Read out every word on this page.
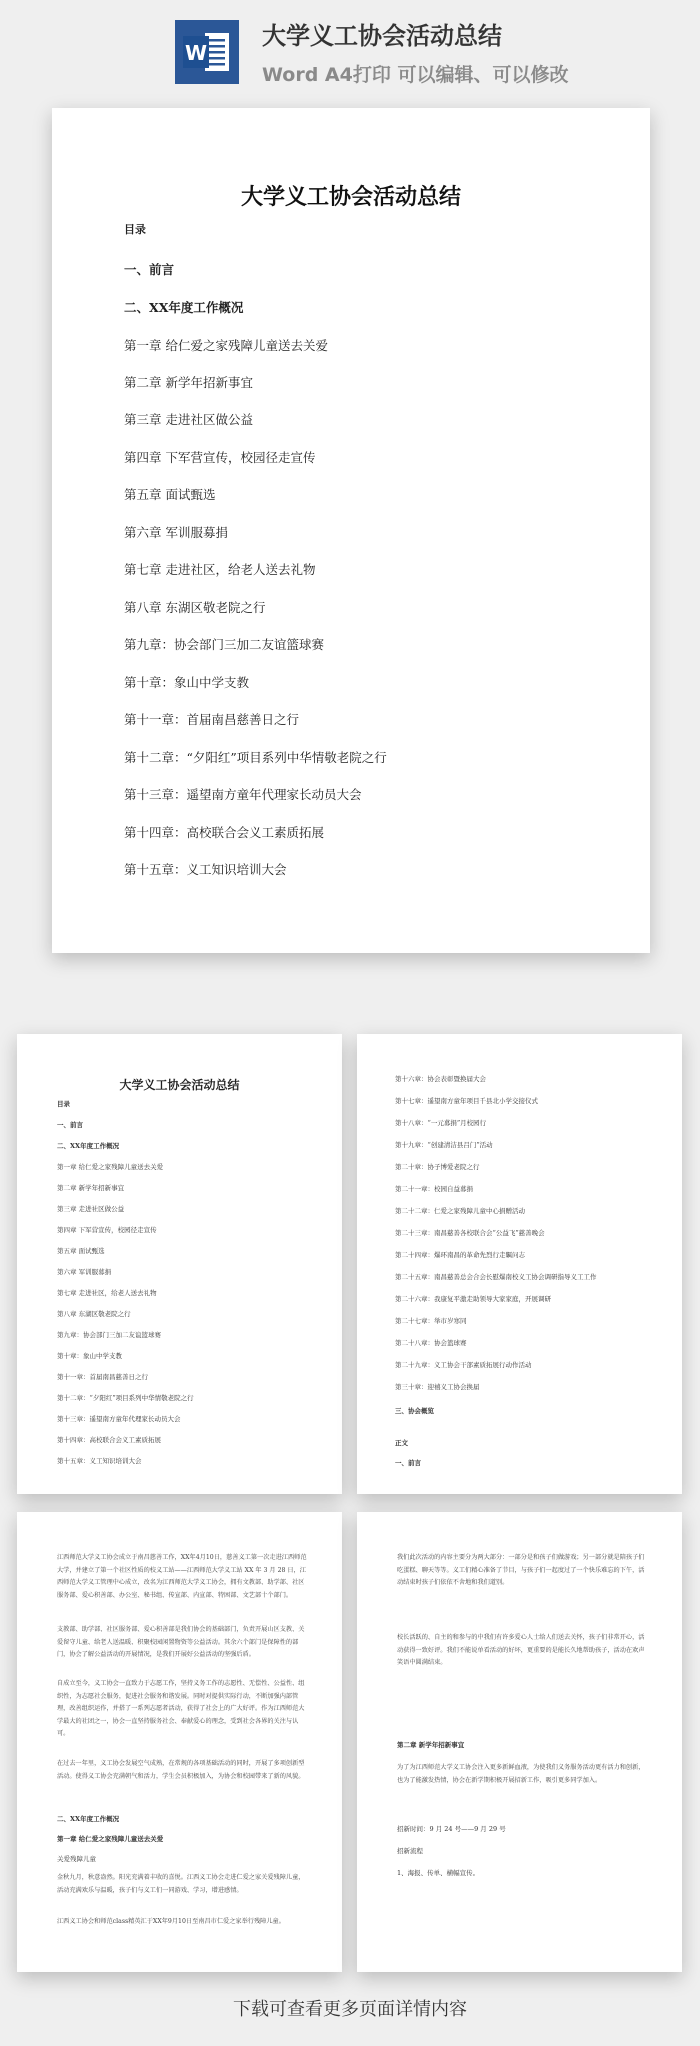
W
大学义工协会活动总结
Word A4打印 可以编辑、可以修改
大学义工协会活动总结
目录
一、前言
二、XX年度工作概况
第一章 给仁爱之家残障儿童送去关爱
第二章 新学年招新事宜
第三章 走进社区做公益
第四章 下军营宣传，校园径走宣传
第五章 面试甄选
第六章 军训服募捐
第七章 走进社区，给老人送去礼物
第八章 东湖区敬老院之行
第九章：协会部门三加二友谊篮球赛
第十章：象山中学支教
第十一章：首届南昌慈善日之行
第十二章：“夕阳红”项目系列中华情敬老院之行
第十三章：遥望南方童年代理家长动员大会
第十四章：高校联合会义工素质拓展
第十五章：义工知识培训大会
大学义工协会活动总结
目录
一、前言
二、XX年度工作概况
第一章 给仁爱之家残障儿童送去关爱
第二章 新学年招新事宜
第三章 走进社区做公益
第四章 下军营宣传，校园径走宣传
第五章 面试甄选
第六章 军训服募捐
第七章 走进社区，给老人送去礼物
第八章 东湖区敬老院之行
第九章：协会部门三加二友谊篮球赛
第十章：象山中学支教
第十一章：首届南昌慈善日之行
第十二章：“夕阳红”项目系列中华情敬老院之行
第十三章：遥望南方童年代理家长动员大会
第十四章：高校联合会义工素质拓展
第十五章：义工知识培训大会
第十六章：协会表彰暨换届大会
第十七章：遥望南方童年项目千县北小学交接仪式
第十八章：“一元募捐”月校园行
第十九章：“创建清洁县吕门”活动
第二十章：协子博爱老院之行
第二十一章：校园自益募捐
第二十二章：仁爱之家残障儿童中心捐赠活动
第二十三章：南昌慈善各校联合会“公益飞”慈善晚会
第二十四章：爆环南昌的革命先烈行走瞩问志
第二十五章：南昌慈善总会合会长慰爆南校义工协会调研指导义工工作
第二十六章：我康复平激走助领导大家家庭，开展调研
第二十七章：举市岁寒同
第二十八章：协会篮球赛
第二十九章：义工协会干部素质拓展行动作活动
第三十章：迎禧义工协会换届
三、协会概览
正文
一、前言
江西师范大学义工协会成立于南昌慈善工作，XX年4月10日，慈善义工第一次走进江西师范大学，并建立了第一个社区性质的校义工站——江西师范大学义工站 XX 年 3 月 28 日，江西师范大学义工管理中心成立，改名为江西师范大学义工协会，拥有文教部、助学部、社区服务部、爱心积善部、办公室、秘书组、传宣部、内宣部、特困部、文艺部十个部门。
支教部、助学部、社区服务部、爱心积善部是我们协会的基础部门，负责开展山区支教、关爱留守儿童、给老人送温暖、积聚校园闲置物资等公益活动。其余六个部门是保障性的部门，协会了解公益活动的开展情况，是我们开展好公益活动的坚强后盾。
自成立至今，义工协会一直致力于志愿工作，坚持义务工作的志愿性、无偿性、公益性、组织性，为志愿社会服务，促进社会服务和谐发展。同时对提供实际行动，不断加强内部管理，改善组织运作，并搭了一系列志愿者活动，获得了社会上的广大好评。作为江西师范大学最大的社团之一，协会一直坚持服务社会、奉献爱心的理念，受到社会各界的关注与认可。
在过去一年里，义工协会发展空气成熟，在常规的各项基础活动的同时，开展了多项创新型活动。使得义工协会充满朝气和活力，学生会员积极加入，为协会和校园带来了新的风貌。
二、XX年度工作概况
第一章 给仁爱之家残障儿童送去关爱
关爱残障儿童
金秋九月，秋意盎然。阳光充满着丰收的喜悦。江西义工协会走进仁爱之家关爱残障儿童，活动充满欢乐与温暖，孩子们与义工们一同游戏、学习，增进感情。
江西义工协会和师范class精英汇于XX年9月10日至南昌市仁爱之家举行残障儿童。
我们此次活动的内容主要分为两大部分：一部分是和孩子们做游戏；另一部分就是陪孩子们吃蛋糕、聊天等等。义工们精心准备了节目，与孩子们一起度过了一个快乐难忘的下午，活动结束时孩子们依依不舍地和我们道别。
校长活跃的、自主的和参与的中我们有许多爱心人士给人们送去关怀，孩子们非常开心，活动获得一致好评。我们不能说单看活动的好坏，更重要的是能长久地帮助孩子，活动在欢声笑语中圆满结束。
第二章 新学年招新事宜
为了为江西师范大学义工协会注入更多新鲜血液，为使我们义务服务活动更有活力和创新，也为了能激发热情，协会在新学期积极开展招新工作，吸引更多同学加入。
招新时间：9 月 24 号——9 月 29 号
招新流程
1、海报、传单、横幅宣传。
下载可查看更多页面详情内容
